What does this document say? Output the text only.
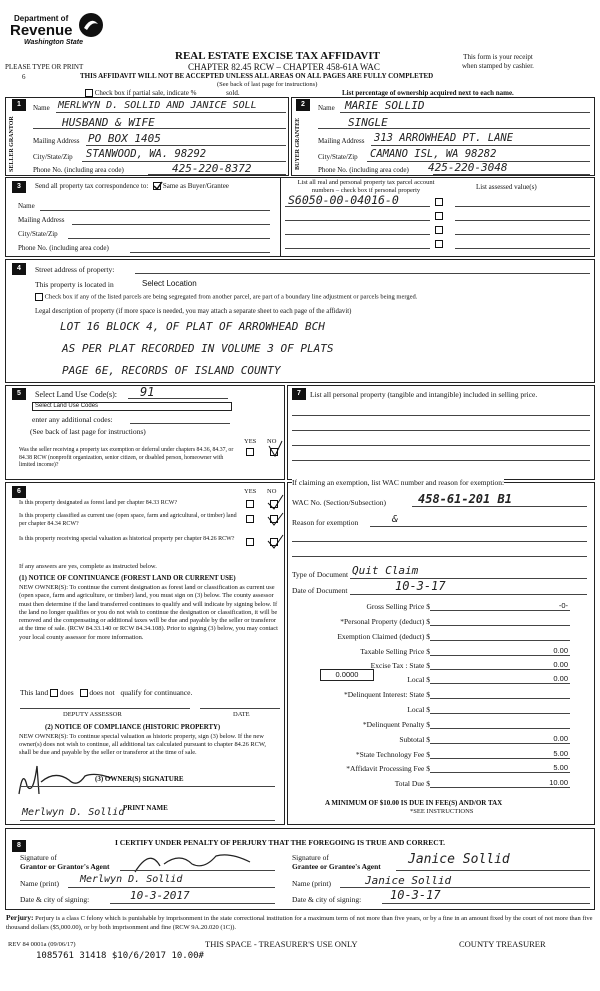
Department of
Revenue
Washington State
PLEASE TYPE OR PRINT
6
REAL ESTATE EXCISE TAX AFFIDAVIT
CHAPTER 82.45 RCW – CHAPTER 458-61A WAC
THIS AFFIDAVIT WILL NOT BE ACCEPTED UNLESS ALL AREAS ON ALL PAGES ARE FULLY COMPLETED
(See back of last page for instructions)
This form is your receipt
when stamped by cashier.
Check box if partial sale, indicate %	sold.	List percentage of ownership acquired next to each name.
1
SELLER GRANTOR
Name MERLWYN D. SOLLID AND JANICE SOLL
HUSBAND & WIFE
Mailing Address PO BOX 1405
City/State/Zip STANWOOD, WA. 98292
Phone No. (including area code)	425-220-8372
2
BUYER GRANTEE
Name MARIE SOLLID
SINGLE
Mailing Address 313 ARROWHEAD PT. LANE
City/State/Zip CAMANO ISL, WA 98282
Phone No. (including area code) 425-220-3048
3	Send all property tax correspondence to: Same as Buyer/Grantee
Name
Mailing Address
City/State/Zip
Phone No. (including area code)
List all real and personal property tax parcel account
numbers – check box if personal property	List assessed value(s)
S6050-00-04016-0
4	Street address of property:
This property is located in	Select Location
Check box if any of the listed parcels are being segregated from another parcel, are part of a boundary line adjustment or parcels being merged.
Legal description of property (if more space is needed, you may attach a separate sheet to each page of the affidavit)
LOT 16 BLOCK 4, OF PLAT OF ARROWHEAD BCH
AS PER PLAT RECORDED IN VOLUME 3 OF PLATS
PAGE 6E, RECORDS OF ISLAND COUNTY
5	Select Land Use Code(s): 91
Select Land Use Codes
enter any additional codes:
(See back of last page for instructions)
YES NO
Was the seller receiving a property tax exemption or deferral under chapters 84.36, 84.37, or 84.38 RCW (nonprofit organization, senior citizen, or disabled person, homeowner with limited income)?
7	List all personal property (tangible and intangible) included in selling price.
6	YES NO
Is this property designated as forest land per chapter 84.33 RCW?
Is this property classified as current use (open space, farm and agricultural, or timber) land per chapter 84.34 RCW?
Is this property receiving special valuation as historical property per chapter 84.26 RCW?
If any answers are yes, complete as instructed below.
(1) NOTICE OF CONTINUANCE (FOREST LAND OR CURRENT USE)
NEW OWNER(S): To continue the current designation as forest land or classification as current use (open space, farm and agriculture, or timber) land, you must sign on (3) below. The county assessor must then determine if the land transferred continues to qualify and will indicate by signing below. If the land no longer qualifies or you do not wish to continue the designation or classification, it will be removed and the compensating or additional taxes will be due and payable by the seller or transferor at the time of sale. (RCW 84.33.140 or RCW 84.34.108). Prior to signing (3) below, you may contact your local county assessor for more information.
This land does does not qualify for continuance.
DEPUTY ASSESSOR	DATE
(2) NOTICE OF COMPLIANCE (HISTORIC PROPERTY)
NEW OWNER(S): To continue special valuation as historic property, sign (3) below. If the new owner(s) does not wish to continue, all additional tax calculated pursuant to chapter 84.26 RCW, shall be due and payable by the seller or transferor at the time of sale.
(3) OWNER(S) SIGNATURE
Merlwyn D. Sollid
PRINT NAME
If claiming an exemption, list WAC number and reason for exemption:
WAC No. (Section/Subsection)	458-61-201 B1
Reason for exemption	&
Type of Document Quit Claim
Date of Document	10-3-17
Gross Selling Price $	-0-
*Personal Property (deduct) $
Exemption Claimed (deduct) $
Taxable Selling Price $	0.00
Excise Tax : State $	0.00
Local $	0.00
*Delinquent Interest: State $
Local $
*Delinquent Penalty $
Subtotal $	0.00
*State Technology Fee $	5.00
*Affidavit Processing Fee $	5.00
Total Due $	10.00
0.0000
A MINIMUM OF $10.00 IS DUE IN FEE(S) AND/OR TAX
*SEE INSTRUCTIONS
8	I CERTIFY UNDER PENALTY OF PERJURY THAT THE FOREGOING IS TRUE AND CORRECT.
Signature of
Grantor or Grantor's Agent
Name (print) Merlwyn D. Sollid
Date & city of signing:	10-3-2017
Signature of
Grantee or Grantee's Agent	Janice Sollid
Name (print)	Janice Sollid
Date & city of signing: 10-3-17
Perjury: Perjury is a class C felony which is punishable by imprisonment in the state correctional institution for a maximum term of not more than five years, or by a fine in an amount fixed by the court of not more than five thousand dollars ($5,000.00), or by both imprisonment and fine (RCW 9A.20.020 (1C)).
REV 84 0001a (09/06/17)	THIS SPACE - TREASURER'S USE ONLY	COUNTY TREASURER
1085761 31418 $10/6/2017 10.00#
